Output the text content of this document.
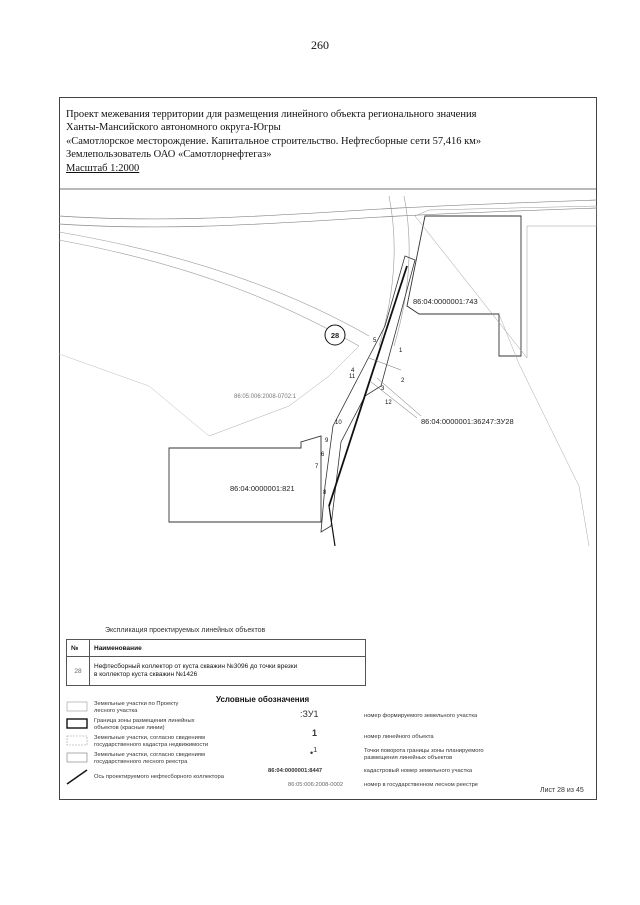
260
Проект межевания территории для размещения линейного объекта регионального значения
Ханты-Мансийского автономного округа-Югры
«Самотлорское месторождение. Капитальное строительство. Нефтесборные сети 57,416 км»
Землепользователь ОАО «Самотлорнефтегаз»
Масштаб 1:2000
28
1
2
3
4
5
6
7
8
9
10
11
12
86:04:0000001:743
86:04:0000001:821
86:04:0000001:36247:ЗУ28
86:05:006:2008-0702:1
Экспликация проектируемых линейных объектов
№	Наименование
28	Нефтесборный коллектор от куста скважин №3096 до точки врезки
в коллектор куста скважин №1426
Условные обозначения
Земельные участки по Проекту
лесного участка
Граница зоны размещения линейных
объектов (красные линии)
Земельные участки, согласно сведениям
государственного кадастра недвижимости
Земельные участки, согласно сведениям
государственного лесного реестра
Ось проектируемого нефтесборного коллектора
:ЗУ1	номер формируемого земельного участка
1	номер линейного объекта
•$^1$	Точки поворота границы зоны планируемого
размещения линейных объектов
86:04:0000001:8447	кадастровый номер земельного участка
86:05:006:2008-0002	номер в государственном лесном реестре
Лист 28 из 45
